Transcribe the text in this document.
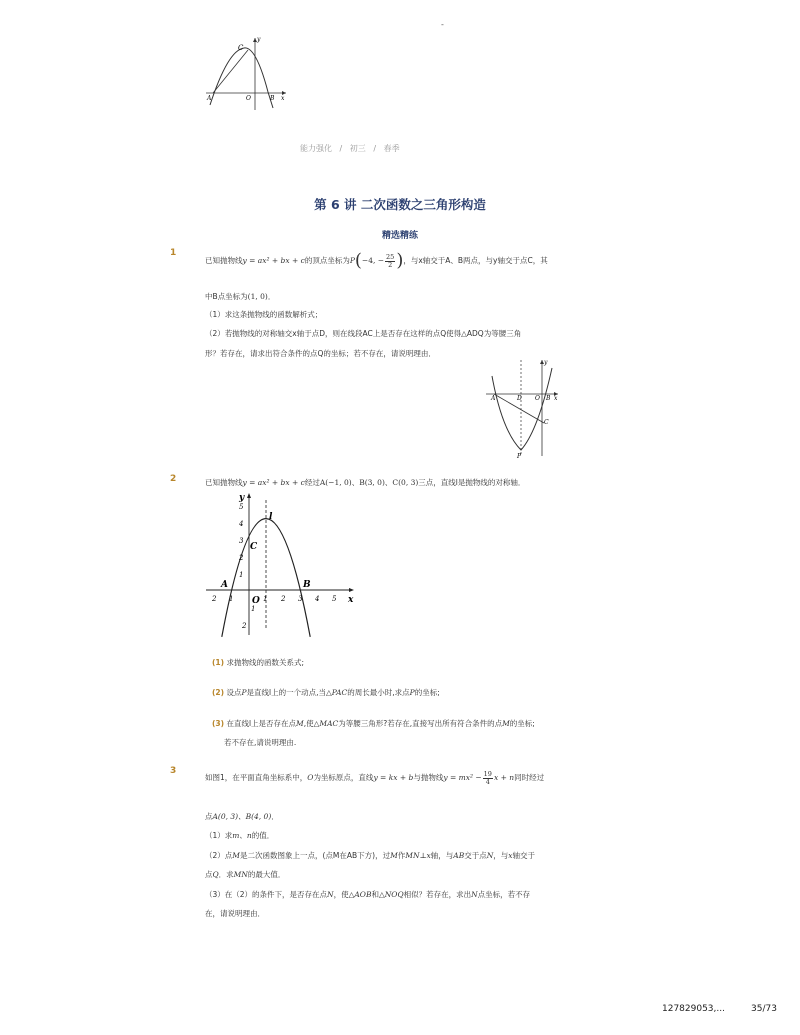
-
C
y
A	O	B x
能力强化 / 初三 / 春季
第 6 讲 二次函数之三角形构造
精选精练
1
已知抛物线y = ax² + bx + c的顶点坐标为P(−4, − $\frac{25}{2}$ )，与x轴交于A、B两点，与y轴交于点C，其
中B点坐标为(1, 0)．
（1）求这条抛物线的函数解析式；
（2）若抛物线的对称轴交x轴于点D，则在线段AC上是否存在这样的点Q使得△ADQ为等腰三角
形？若存在，请求出符合条件的点Q的坐标；若不存在，请说明理由．
y
A	D O B x
C
P
2	已知抛物线y = ax² + bx + c经过A(−1, 0)、B(3, 0)、C(0, 3)三点，直线l是抛物线的对称轴．
5
4
3
2
1
1
2
2 1	1 2 3 4 5
y
x
l
C
A	B
O
(1) 求抛物线的函数关系式;
(2) 设点P是直线l上的一个动点,当△PAC的周长最小时,求点P的坐标;
(3) 在直线l上是否存在点M,使△MAC为等腰三角形?若存在,直接写出所有符合条件的点M的坐标;
若不存在,请说明理由.
3
如图1，在平面直角坐标系中，O为坐标原点，直线y = kx + b与抛物线$y = mx^2 - \frac{19}{4}$ x + n同时经过
点A(0, 3)、B(4, 0)．
（1）求m、n的值．
（2）点M是二次函数图象上一点，(点M在AB下方)，过M作MN⊥x轴，与AB交于点N，与x轴交于
点Q．求MN的最大值．
（3）在（2）的条件下，是否存在点N，使△AOB和△NOQ相似？若存在，求出N点坐标，若不存
在，请说明理由．
127829053,...	35/73
